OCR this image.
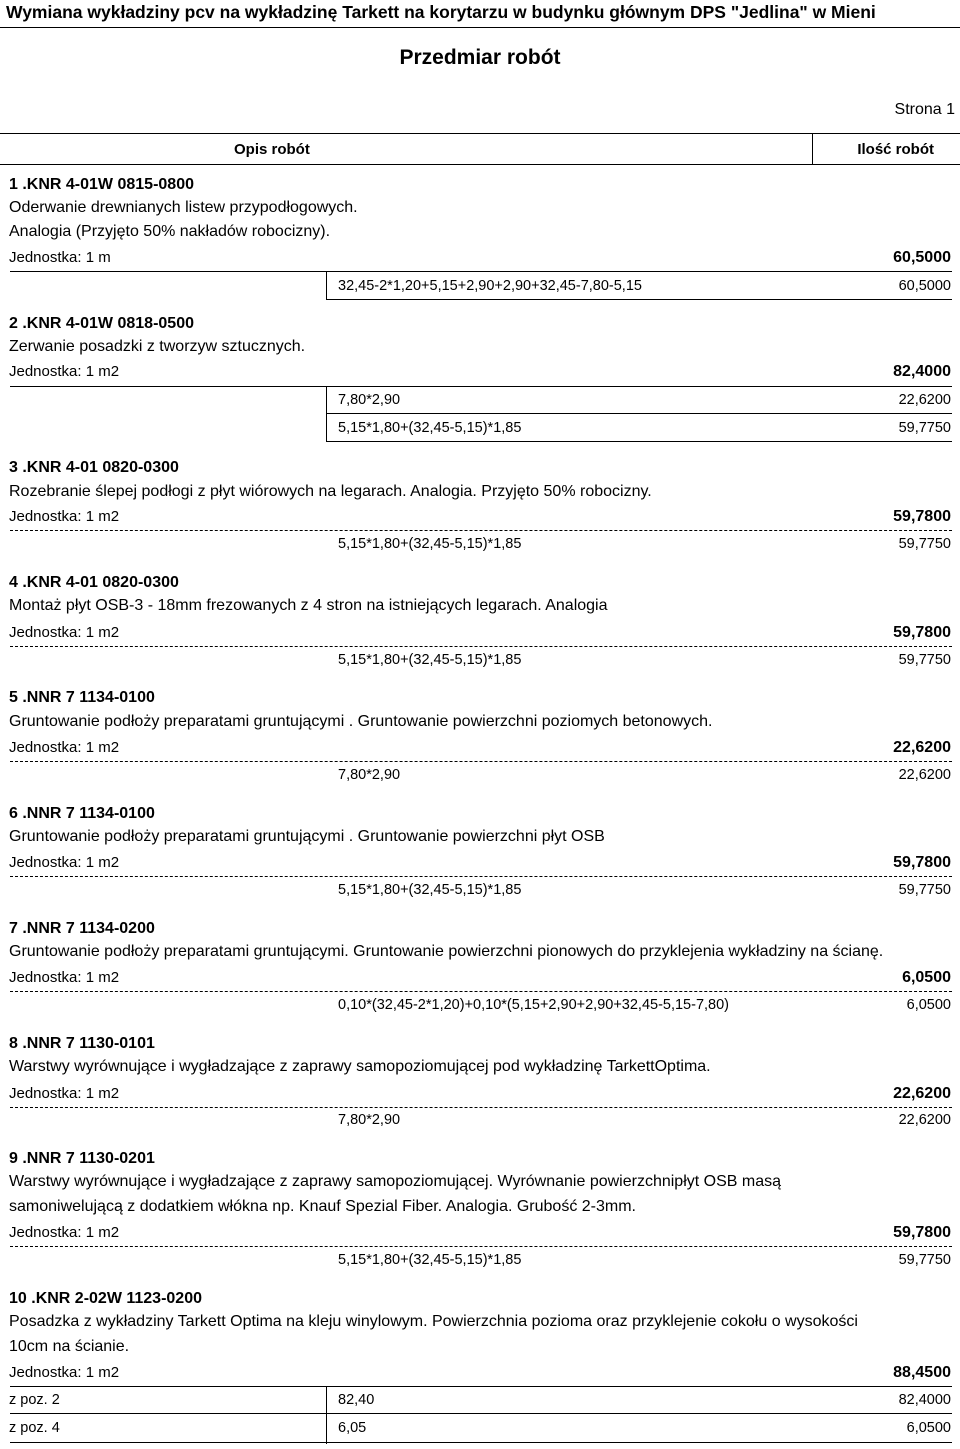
Wymiana wykładziny pcv na wykładzinę Tarkett na korytarzu w budynku głównym DPS "Jedlina" w Mieni
Przedmiar robót
Strona 1
Opis robót	Ilość robót
1 .KNR 4-01W 0815-0800
Oderwanie drewnianych listew przypodłogowych.
Analogia (Przyjęto 50% nakładów robocizny).
Jednostka: 1 m	60,5000
32,45-2*1,20+5,15+2,90+2,90+32,45-7,80-5,15	60,5000
2 .KNR 4-01W 0818-0500
Zerwanie posadzki z tworzyw sztucznych.
Jednostka: 1 m2	82,4000
7,80*2,90	22,6200
5,15*1,80+(32,45-5,15)*1,85	59,7750
3 .KNR 4-01 0820-0300
Rozebranie ślepej podłogi z płyt wiórowych na legarach. Analogia. Przyjęto 50% robocizny.
Jednostka: 1 m2	59,7800
5,15*1,80+(32,45-5,15)*1,85	59,7750
4 .KNR 4-01 0820-0300
Montaż płyt OSB-3 - 18mm frezowanych z 4 stron na istniejących legarach. Analogia
Jednostka: 1 m2	59,7800
5,15*1,80+(32,45-5,15)*1,85	59,7750
5 .NNR 7 1134-0100
Gruntowanie podłoży preparatami gruntującymi . Gruntowanie powierzchni poziomych betonowych.
Jednostka: 1 m2	22,6200
7,80*2,90	22,6200
6 .NNR 7 1134-0100
Gruntowanie podłoży preparatami gruntującymi . Gruntowanie powierzchni płyt OSB
Jednostka: 1 m2	59,7800
5,15*1,80+(32,45-5,15)*1,85	59,7750
7 .NNR 7 1134-0200
Gruntowanie podłoży preparatami gruntującymi. Gruntowanie powierzchni pionowych do przyklejenia wykładziny na ścianę.
Jednostka: 1 m2	6,0500
0,10*(32,45-2*1,20)+0,10*(5,15+2,90+2,90+32,45-5,15-7,80)	6,0500
8 .NNR 7 1130-0101
Warstwy wyrównujące i wygładzające z zaprawy samopoziomującej pod wykładzinę TarkettOptima.
Jednostka: 1 m2	22,6200
7,80*2,90	22,6200
9 .NNR 7 1130-0201
Warstwy wyrównujące i wygładzające z zaprawy samopoziomującej. Wyrównanie powierzchnipłyt OSB masą
samoniwelującą z dodatkiem włókna np. Knauf Spezial Fiber. Analogia. Grubość 2-3mm.
Jednostka: 1 m2	59,7800
5,15*1,80+(32,45-5,15)*1,85	59,7750
10 .KNR 2-02W 1123-0200
Posadzka z wykładziny Tarkett Optima na kleju winylowym. Powierzchnia pozioma oraz przyklejenie cokołu o wysokości
10cm na ścianie.
Jednostka: 1 m2	88,4500
z poz. 2	82,40	82,4000
z poz. 4	6,05	6,0500
